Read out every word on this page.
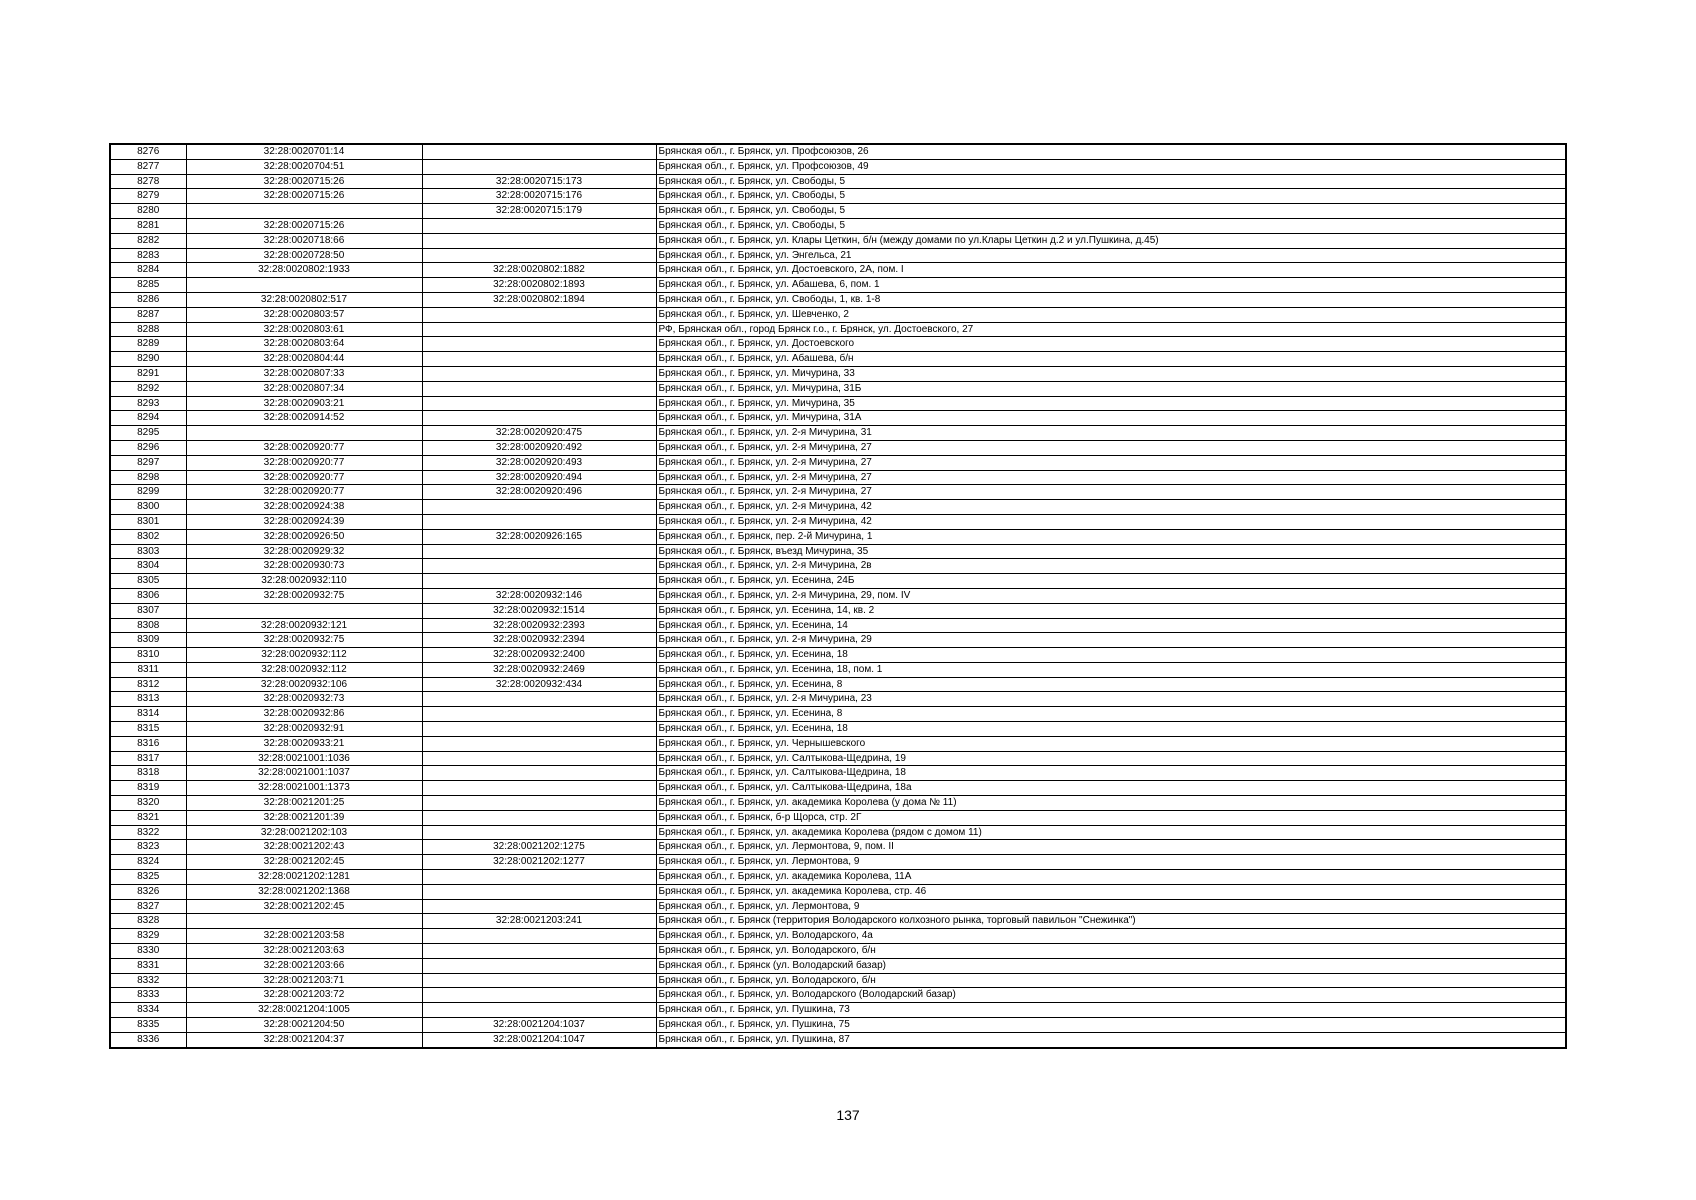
8276	32:28:0020701:14		Брянская обл., г. Брянск, ул. Профсоюзов, 26
8277	32:28:0020704:51		Брянская обл., г. Брянск, ул. Профсоюзов, 49
8278	32:28:0020715:26	32:28:0020715:173	Брянская обл., г. Брянск, ул. Свободы, 5
8279	32:28:0020715:26	32:28:0020715:176	Брянская обл., г. Брянск, ул. Свободы, 5
8280		32:28:0020715:179	Брянская обл., г. Брянск, ул. Свободы, 5
8281	32:28:0020715:26		Брянская обл., г. Брянск, ул. Свободы, 5
8282	32:28:0020718:66		Брянская обл., г. Брянск, ул. Клары Цеткин, б/н (между домами по ул.Клары Цеткин д.2 и ул.Пушкина, д.45)
8283	32:28:0020728:50		Брянская обл., г. Брянск, ул. Энгельса, 21
8284	32:28:0020802:1933	32:28:0020802:1882	Брянская обл., г. Брянск, ул. Достоевского, 2А, пом. I
8285		32:28:0020802:1893	Брянская обл., г. Брянск, ул. Абашева, 6, пом. 1
8286	32:28:0020802:517	32:28:0020802:1894	Брянская обл., г. Брянск, ул. Свободы, 1, кв. 1-8
8287	32:28:0020803:57		Брянская обл., г. Брянск, ул. Шевченко, 2
8288	32:28:0020803:61		РФ, Брянская обл., город Брянск г.о., г. Брянск, ул. Достоевского, 27
8289	32:28:0020803:64		Брянская обл., г. Брянск, ул. Достоевского
8290	32:28:0020804:44		Брянская обл., г. Брянск, ул. Абашева, б/н
8291	32:28:0020807:33		Брянская обл., г. Брянск, ул. Мичурина, 33
8292	32:28:0020807:34		Брянская обл., г. Брянск, ул. Мичурина, 31Б
8293	32:28:0020903:21		Брянская обл., г. Брянск, ул. Мичурина, 35
8294	32:28:0020914:52		Брянская обл., г. Брянск, ул. Мичурина, 31А
8295		32:28:0020920:475	Брянская обл., г. Брянск, ул. 2-я Мичурина, 31
8296	32:28:0020920:77	32:28:0020920:492	Брянская обл., г. Брянск, ул. 2-я Мичурина, 27
8297	32:28:0020920:77	32:28:0020920:493	Брянская обл., г. Брянск, ул. 2-я Мичурина, 27
8298	32:28:0020920:77	32:28:0020920:494	Брянская обл., г. Брянск, ул. 2-я Мичурина, 27
8299	32:28:0020920:77	32:28:0020920:496	Брянская обл., г. Брянск, ул. 2-я Мичурина, 27
8300	32:28:0020924:38		Брянская обл., г. Брянск, ул. 2-я Мичурина, 42
8301	32:28:0020924:39		Брянская обл., г. Брянск, ул. 2-я Мичурина, 42
8302	32:28:0020926:50	32:28:0020926:165	Брянская обл., г. Брянск, пер. 2-й Мичурина, 1
8303	32:28:0020929:32		Брянская обл., г. Брянск, въезд Мичурина, 35
8304	32:28:0020930:73		Брянская обл., г. Брянск, ул. 2-я Мичурина, 2в
8305	32:28:0020932:110		Брянская обл., г. Брянск, ул. Есенина, 24Б
8306	32:28:0020932:75	32:28:0020932:146	Брянская обл., г. Брянск, ул. 2-я Мичурина, 29, пом. IV
8307		32:28:0020932:1514	Брянская обл., г. Брянск, ул. Есенина, 14, кв. 2
8308	32:28:0020932:121	32:28:0020932:2393	Брянская обл., г. Брянск, ул. Есенина, 14
8309	32:28:0020932:75	32:28:0020932:2394	Брянская обл., г. Брянск, ул. 2-я Мичурина, 29
8310	32:28:0020932:112	32:28:0020932:2400	Брянская обл., г. Брянск, ул. Есенина, 18
8311	32:28:0020932:112	32:28:0020932:2469	Брянская обл., г. Брянск, ул. Есенина, 18, пом. 1
8312	32:28:0020932:106	32:28:0020932:434	Брянская обл., г. Брянск, ул. Есенина, 8
8313	32:28:0020932:73		Брянская обл., г. Брянск, ул. 2-я Мичурина, 23
8314	32:28:0020932:86		Брянская обл., г. Брянск, ул. Есенина, 8
8315	32:28:0020932:91		Брянская обл., г. Брянск, ул. Есенина, 18
8316	32:28:0020933:21		Брянская обл., г. Брянск, ул. Чернышевского
8317	32:28:0021001:1036		Брянская обл., г. Брянск, ул. Салтыкова-Щедрина, 19
8318	32:28:0021001:1037		Брянская обл., г. Брянск, ул. Салтыкова-Щедрина, 18
8319	32:28:0021001:1373		Брянская обл., г. Брянск, ул. Салтыкова-Щедрина, 18а
8320	32:28:0021201:25		Брянская обл., г. Брянск, ул. академика Королева (у дома № 11)
8321	32:28:0021201:39		Брянская обл., г. Брянск, б-р Щорса, стр. 2Г
8322	32:28:0021202:103		Брянская обл., г. Брянск, ул. академика Королева (рядом с домом 11)
8323	32:28:0021202:43	32:28:0021202:1275	Брянская обл., г. Брянск, ул. Лермонтова, 9, пом. II
8324	32:28:0021202:45	32:28:0021202:1277	Брянская обл., г. Брянск, ул. Лермонтова, 9
8325	32:28:0021202:1281		Брянская обл., г. Брянск, ул. академика Королева, 11А
8326	32:28:0021202:1368		Брянская обл., г. Брянск, ул. академика Королева, стр. 46
8327	32:28:0021202:45		Брянская обл., г. Брянск, ул. Лермонтова, 9
8328		32:28:0021203:241	Брянская обл., г. Брянск (территория Володарского колхозного рынка, торговый павильон "Снежинка")
8329	32:28:0021203:58		Брянская обл., г. Брянск, ул. Володарского, 4а
8330	32:28:0021203:63		Брянская обл., г. Брянск, ул. Володарского, б/н
8331	32:28:0021203:66		Брянская обл., г. Брянск (ул. Володарский базар)
8332	32:28:0021203:71		Брянская обл., г. Брянск, ул. Володарского, б/н
8333	32:28:0021203:72		Брянская обл., г. Брянск, ул. Володарского (Володарский базар)
8334	32:28:0021204:1005		Брянская обл., г. Брянск, ул. Пушкина, 73
8335	32:28:0021204:50	32:28:0021204:1037	Брянская обл., г. Брянск, ул. Пушкина, 75
8336	32:28:0021204:37	32:28:0021204:1047	Брянская обл., г. Брянск, ул. Пушкина, 87
137
